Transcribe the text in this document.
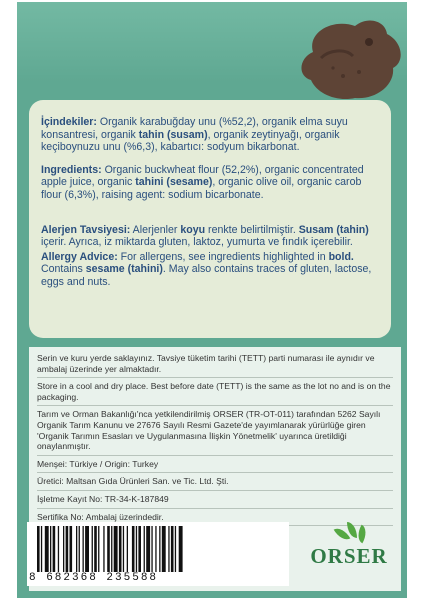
İçindekiler: Organik karabuğday unu (%52,2), organik elma suyu konsantresi, organik tahin (susam), organik zeytinyağı, organik keçiboynuzu unu (%6,3), kabartıcı: sodyum bikarbonat.

Ingredients: Organic buckwheat flour (52,2%), organic concentrated apple juice, organic tahini (sesame), organic olive oil, organic carob flour (6,3%), raising agent: sodium bicarbonate.

Alerjen Tavsiyesi: Alerjenler koyu renkte belirtilmiştir. Susam (tahin) içerir. Ayrıca, iz miktarda gluten, laktoz, yumurta ve fındık içerebilir.

Allergy Advice: For allergens, see ingredients highlighted in bold. Contains sesame (tahini). May also contains traces of gluten, lactose, eggs and nuts.

Serin ve kuru yerde saklayınız. Tavsiye tüketim tarihi (TETT) parti numarası ile aynıdır ve ambalaj üzerinde yer almaktadır.
Store in a cool and dry place. Best before date (TETT) is the same as the lot no and is on the packaging.
Tarım ve Orman Bakanlığı'nca yetkilendirilmiş ORSER (TR-OT-011) tarafından 5262 Sayılı Organik Tarım Kanunu ve 27676 Sayılı Resmi Gazete'de yayımlanarak yürürlüğe giren 'Organik Tarımın Esasları ve Uygulanmasına İlişkin Yönetmelik' uyarınca üretildiği onaylanmıştır.
Menşei: Türkiye / Origin: Turkey
Üretici: Maltsan Gıda Ürünleri San. ve Tic. Ltd. Şti.
İşletme Kayıt No: TR-34-K-187849
Sertifika No: Ambalaj üzerindedir.
8 682368 235588
ORSER
